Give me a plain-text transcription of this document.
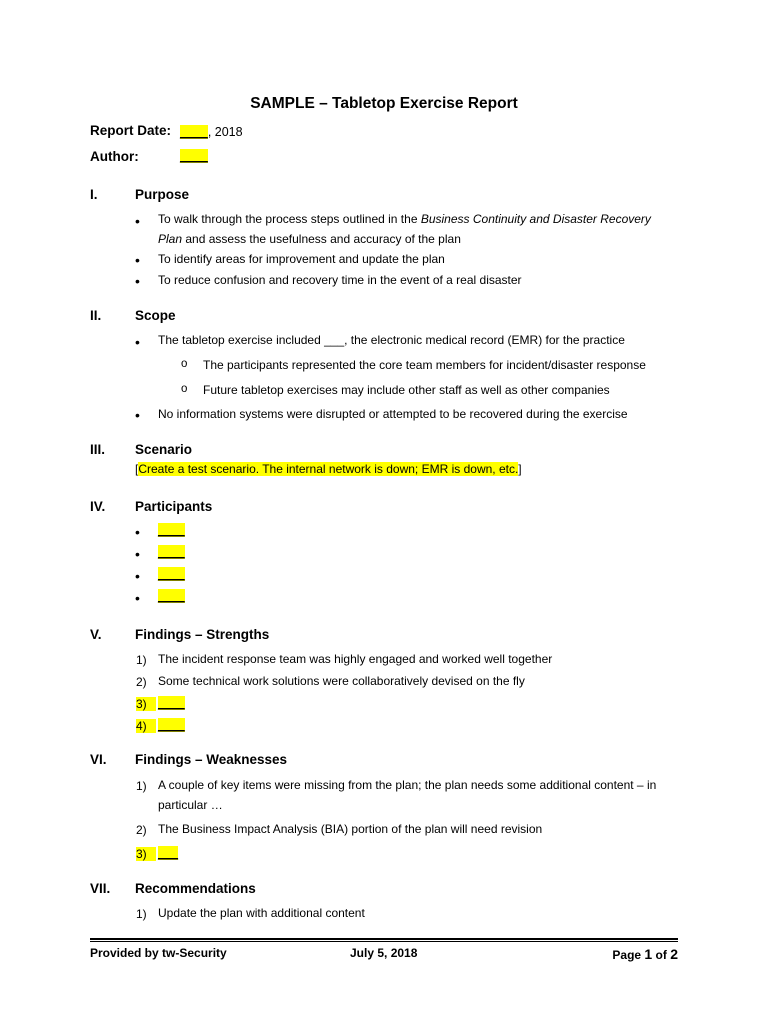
SAMPLE – Tabletop Exercise Report
Report Date: ____, 2018
Author:	____
I.	Purpose
• To walk through the process steps outlined in the Business Continuity and Disaster Recovery Plan and assess the usefulness and accuracy of the plan
• To identify areas for improvement and update the plan
• To reduce confusion and recovery time in the event of a real disaster
II. Scope
• The tabletop exercise included ___, the electronic medical record (EMR) for the practice
o The participants represented the core team members for incident/disaster response
o Future tabletop exercises may include other staff as well as other companies
• No information systems were disrupted or attempted to be recovered during the exercise
III. Scenario
[Create a test scenario. The internal network is down; EMR is down, etc.]
IV. Participants
• ____
• ____
• ____
• ____
V. Findings – Strengths
1) The incident response team was highly engaged and worked well together
2) Some technical work solutions were collaboratively devised on the fly
3) ____
4) ____
VI. Findings – Weaknesses
1) A couple of key items were missing from the plan; the plan needs some additional content – in particular …
2) The Business Impact Analysis (BIA) portion of the plan will need revision
3) ___
VII. Recommendations
1) Update the plan with additional content
Provided by tw-Security	July 5, 2018	Page 1 of 2
